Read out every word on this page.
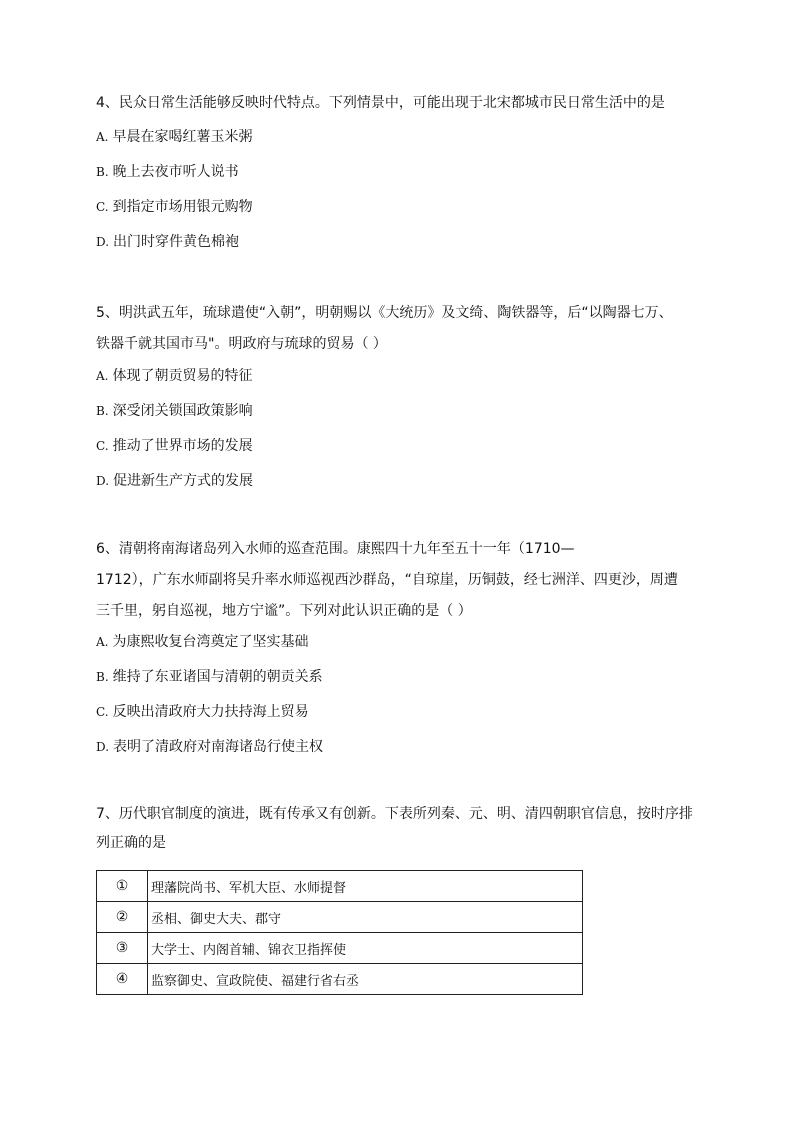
4、民众日常生活能够反映时代特点。下列情景中，可能出现于北宋都城市民日常生活中的是

A. 早晨在家喝红薯玉米粥

B. 晚上去夜市听人说书

C. 到指定市场用银元购物

D. 出门时穿件黄色棉袍

5、明洪武五年，琉球遣使“入朝”，明朝赐以《大统历》及文绮、陶铁器等，后“以陶器七万、
铁器千就其国市马"。明政府与琉球的贸易（ ）

A. 体现了朝贡贸易的特征

B. 深受闭关锁国政策影响

C. 推动了世界市场的发展

D. 促进新生产方式的发展

6、清朝将南海诸岛列入水师的巡查范围。康熙四十九年至五十一年（1710—
1712），广东水师副将吴升率水师巡视西沙群岛，“自琼崖，历铜鼓，经七洲洋、四更沙，周遭
三千里，躬自巡视，地方宁谧”。下列对此认识正确的是（ ）

A. 为康熙收复台湾奠定了坚实基础

B. 维持了东亚诸国与清朝的朝贡关系

C. 反映出清政府大力扶持海上贸易

D. 表明了清政府对南海诸岛行使主权

7、历代职官制度的演进，既有传承又有创新。下表所列秦、元、明、清四朝职官信息，按时序排
列正确的是

①	理藩院尚书、军机大臣、水师提督
②	丞相、御史大夫、郡守
③	大学士、内阁首辅、锦衣卫指挥使
④	监察御史、宣政院使、福建行省右丞
